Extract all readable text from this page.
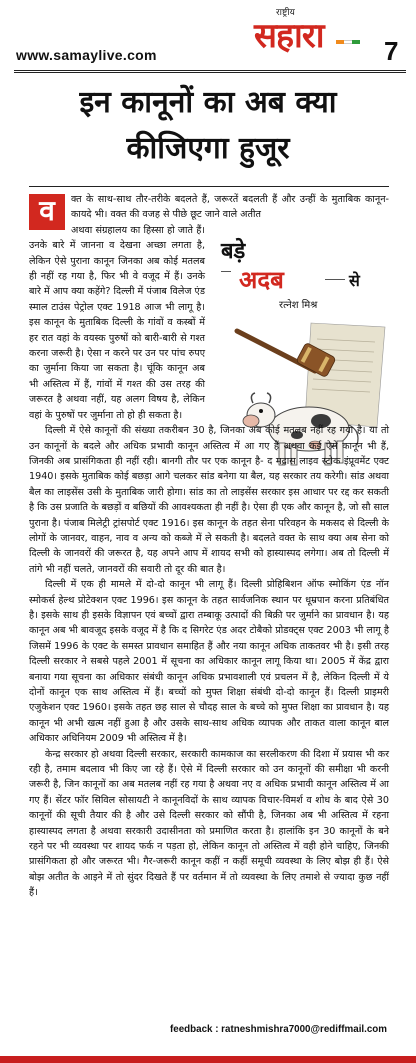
www.samaylive.com
राष्ट्रीय
सहारा 7
इन कानूनों का अब क्या
कीजिएगा हुजूर
बड़े
अदब	से
रत्नेश मिश्र
व	क्त के साथ-साथ तौर-तरीके बदलते हैं, जरूरतें बदलती हैं और उन्हीं के मुताबिक कानून-कायदे भी। वक्त की वजह से पीछे छूट जाने वाले अतीत

अथवा संग्रहालय का हिस्सा हो जाते हैं। उनके बारे में जानना व देखना अच्छा लगता है, लेकिन ऐसे पुराना कानून जिनका अब कोई मतलब ही नहीं रह गया है, फिर भी वे वजूद में हैं। उनके बारे में आप क्या कहेंगे? दिल्ली में पंजाब विलेज एंड स्माल टाउंस पेट्रोल एक्ट 1918 आज भी लागू है। इस कानून के मुताबिक दिल्ली के गांवों व कस्बों में हर रात वहां के वयस्क पुरुषों को बारी-बारी से गश्त करना जरूरी है। ऐसा न करने पर उन पर पांच रुपए का जुर्माना किया जा सकता है। चूंकि कानून अब भी अस्तित्व में हैं, गांवों में गश्त की उस तरह की जरूरत है अथवा नहीं, यह अलग विषय है, लेकिन वहां के पुरुषों पर जुर्माना तो हो ही सकता है।

दिल्ली में ऐसे कानूनों की संख्या तकरीबन 30 है, जिनका अब कोई मतलब नहीं रह गया है। या तो उन कानूनों के बदले और अधिक प्रभावी कानून अस्तित्व में आ गए हैं अथवा कई ऐसे कानून भी हैं, जिनकी अब प्रासंगिकता ही नहीं रही। बानगी तौर पर एक कानून है- द मद्रास लाइव स्टोक इंप्रूवमेंट एक्ट 1940। इसके मुताबिक कोई बछड़ा आगे चलकर सांड बनेगा या बैल, यह सरकार तय करेगी। सांड अथवा बैल का लाइसेंस उसी के मुताबिक जारी होगा। सांड का तो लाइसेंस सरकार इस आधार पर रद्द कर सकती है कि उस प्रजाति के बछड़ों व बछियों की आवश्यकता ही नहीं है। ऐसा ही एक और कानून है, जो सौ साल पुराना है। पंजाब मिलेट्री ट्रांसपोर्ट एक्ट 1916। इस कानून के तहत सेना परिवहन के मकसद से दिल्ली के लोगों के जानवर, वाहन, नाव व अन्य को कब्जे में ले सकती है। बदलते वक्त के साथ क्या अब सेना को दिल्ली के जानवरों की जरूरत है, यह अपने आप में शायद सभी को हास्यास्पद लगेगा। अब तो दिल्ली में तांगे भी नहीं चलते, जानवरों की सवारी तो दूर की बात है।

दिल्ली में एक ही मामले में दो-दो कानून भी लागू हैं। दिल्ली प्रोहिबिशन ऑफ स्मोकिंग एंड नॉन स्मोकर्स हेल्थ प्रोटेक्शन एक्ट 1996। इस कानून के तहत सार्वजनिक स्थान पर धूम्रपान करना प्रतिबंधित है। इसके साथ ही इसके विज्ञापन एवं बच्चों द्वारा तम्बाकू उत्पादों की बिक्री पर जुर्माने का प्रावधान है। यह कानून अब भी बावजूद इसके वजूद में है कि द सिगरेट एंड अदर टोबैको प्रोडक्ट्स एक्ट 2003 भी लागू है जिसमें 1996 के एक्ट के समस्त प्रावधान समाहित हैं और नया कानून अधिक ताकतवर भी है। इसी तरह दिल्ली सरकार ने सबसे पहले 2001 में सूचना का अधिकार कानून लागू किया था। 2005 में केंद्र द्वारा बनाया गया सूचना का अधिकार संबंधी कानून अधिक प्रभावशाली एवं प्रचलन में है, लेकिन दिल्ली में ये दोनों कानून एक साथ अस्तित्व में हैं। बच्चों को मुफ्त शिक्षा संबंधी दो-दो कानून हैं। दिल्ली प्राइमरी एजुकेशन एक्ट 1960। इसके तहत छह साल से चौदह साल के बच्चे को मुफ्त शिक्षा का प्रावधान है। यह कानून भी अभी खत्म नहीं हुआ है और उसके साथ-साथ अधिक व्यापक और ताकत वाला कानून बाल अधिकार अधिनियम 2009 भी अस्तित्व में है।

केन्द्र सरकार हो अथवा दिल्ली सरकार, सरकारी कामकाज का सरलीकरण की दिशा में प्रयास भी कर रही है, तमाम बदलाव भी किए जा रहे हैं। ऐसे में दिल्ली सरकार को उन कानूनों की समीक्षा भी करनी जरूरी है, जिन कानूनों का अब मतलब नहीं रह गया है अथवा नए व अधिक प्रभावी कानून अस्तित्व में आ गए हैं। सेंटर फॉर सिविल सोसायटी ने कानूनविदों के साथ व्यापक विचार-विमर्श व शोध के बाद ऐसे 30 कानूनों की सूची तैयार की है और उसे दिल्ली सरकार को सौंपी है, जिनका अब भी अस्तित्व में रहना हास्यास्पद लगता है अथवा सरकारी उदासीनता को प्रमाणित करता है। हालांकि इन 30 कानूनों के बने रहने पर भी व्यवस्था पर शायद फर्क न पड़ता हो, लेकिन कानून तो अस्तित्व में वही होने चाहिए, जिनकी प्रासंगिकता हो और जरूरत भी। गैर-जरूरी कानून कहीं न कहीं समूची व्यवस्था के लिए बोझ ही हैं। ऐसे बोझ अतीत के आइने में तो सुंदर दिखते हैं पर वर्तमान में तो व्यवस्था के लिए तमाशे से ज्यादा कुछ नहीं हैं।

feedback : ratneshmishra7000@rediffmail.com
